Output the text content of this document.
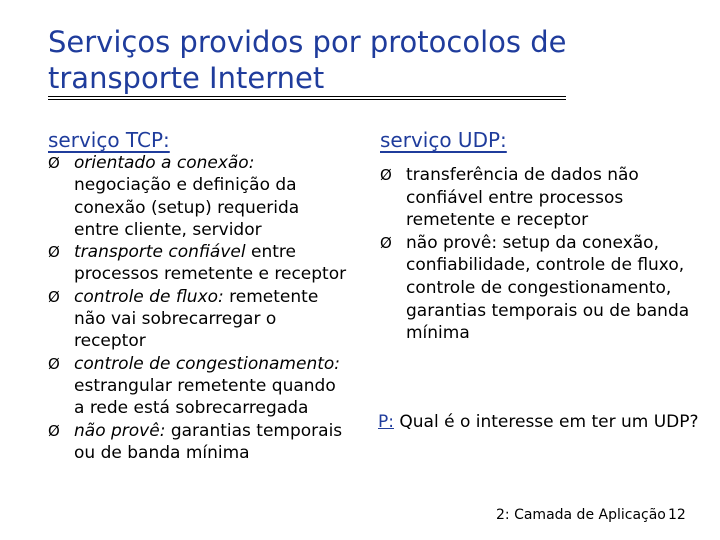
Serviços providos por protocolos de
transporte Internet
serviço TCP:	serviço UDP:
Ø orientado a conexão: negociação e definição da conexão (setup) requerida entre cliente, servidor
Ø transporte confiável entre processos remetente e receptor
Ø controle de fluxo: remetente não vai sobrecarregar o receptor
Ø controle de congestionamento: estrangular remetente quando a rede está sobrecarregada
Ø não provê: garantias temporais ou de banda mínima
Ø transferência de dados não confiável entre processos remetente e receptor
Ø não provê: setup da conexão, confiabilidade, controle de fluxo, controle de congestionamento, garantias temporais ou de banda mínima
P: Qual é o interesse em ter um UDP?
2: Camada de Aplicação 12
